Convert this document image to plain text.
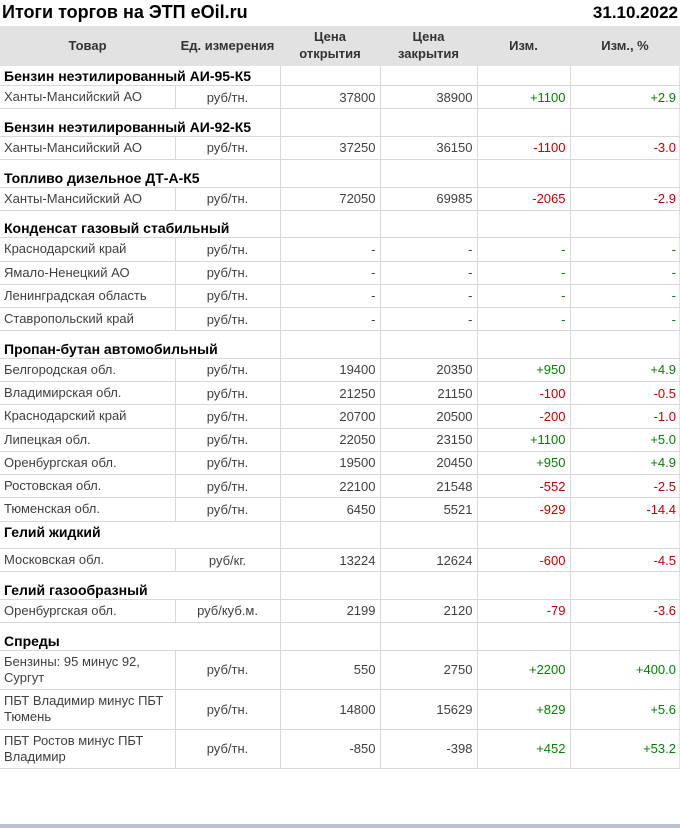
Итоги торгов на ЭТП eOil.ru	31.10.2022
Товар	Ед. измерения	Цена открытия	Цена закрытия	Изм.	Изм., %
Бензин неэтилированный АИ-95-К5					
Ханты-Мансийский АО	руб/тн.	37800	38900	+1100	+2.9

Бензин неэтилированный АИ-92-К5					
Ханты-Мансийский АО	руб/тн.	37250	36150	-1100	-3.0

Топливо дизельное ДТ-А-К5					
Ханты-Мансийский АО	руб/тн.	72050	69985	-2065	-2.9

Конденсат газовый стабильный					
Краснодарский край	руб/тн.	-	-	-	-
Ямало-Ненецкий АО	руб/тн.	-	-	-	-
Ленинградская область	руб/тн.	-	-	-	-
Ставропольский край	руб/тн.	-	-	-	-

Пропан-бутан автомобильный					
Белгородская обл.	руб/тн.	19400	20350	+950	+4.9
Владимирская обл.	руб/тн.	21250	21150	-100	-0.5
Краснодарский край	руб/тн.	20700	20500	-200	-1.0
Липецкая обл.	руб/тн.	22050	23150	+1100	+5.0
Оренбургская обл.	руб/тн.	19500	20450	+950	+4.9
Ростовская обл.	руб/тн.	22100	21548	-552	-2.5
Тюменская обл.	руб/тн.	6450	5521	-929	-14.4
Гелий жидкий					

Московская обл.	руб/кг.	13224	12624	-600	-4.5

Гелий газообразный					
Оренбургская обл.	руб/куб.м.	2199	2120	-79	-3.6

Спреды					
Бензины: 95 минус 92, Сургут	руб/тн.	550	2750	+2200	+400.0
ПБТ Владимир минус ПБТ Тюмень	руб/тн.	14800	15629	+829	+5.6
ПБТ Ростов минус ПБТ Владимир	руб/тн.	-850	-398	+452	+53.2
